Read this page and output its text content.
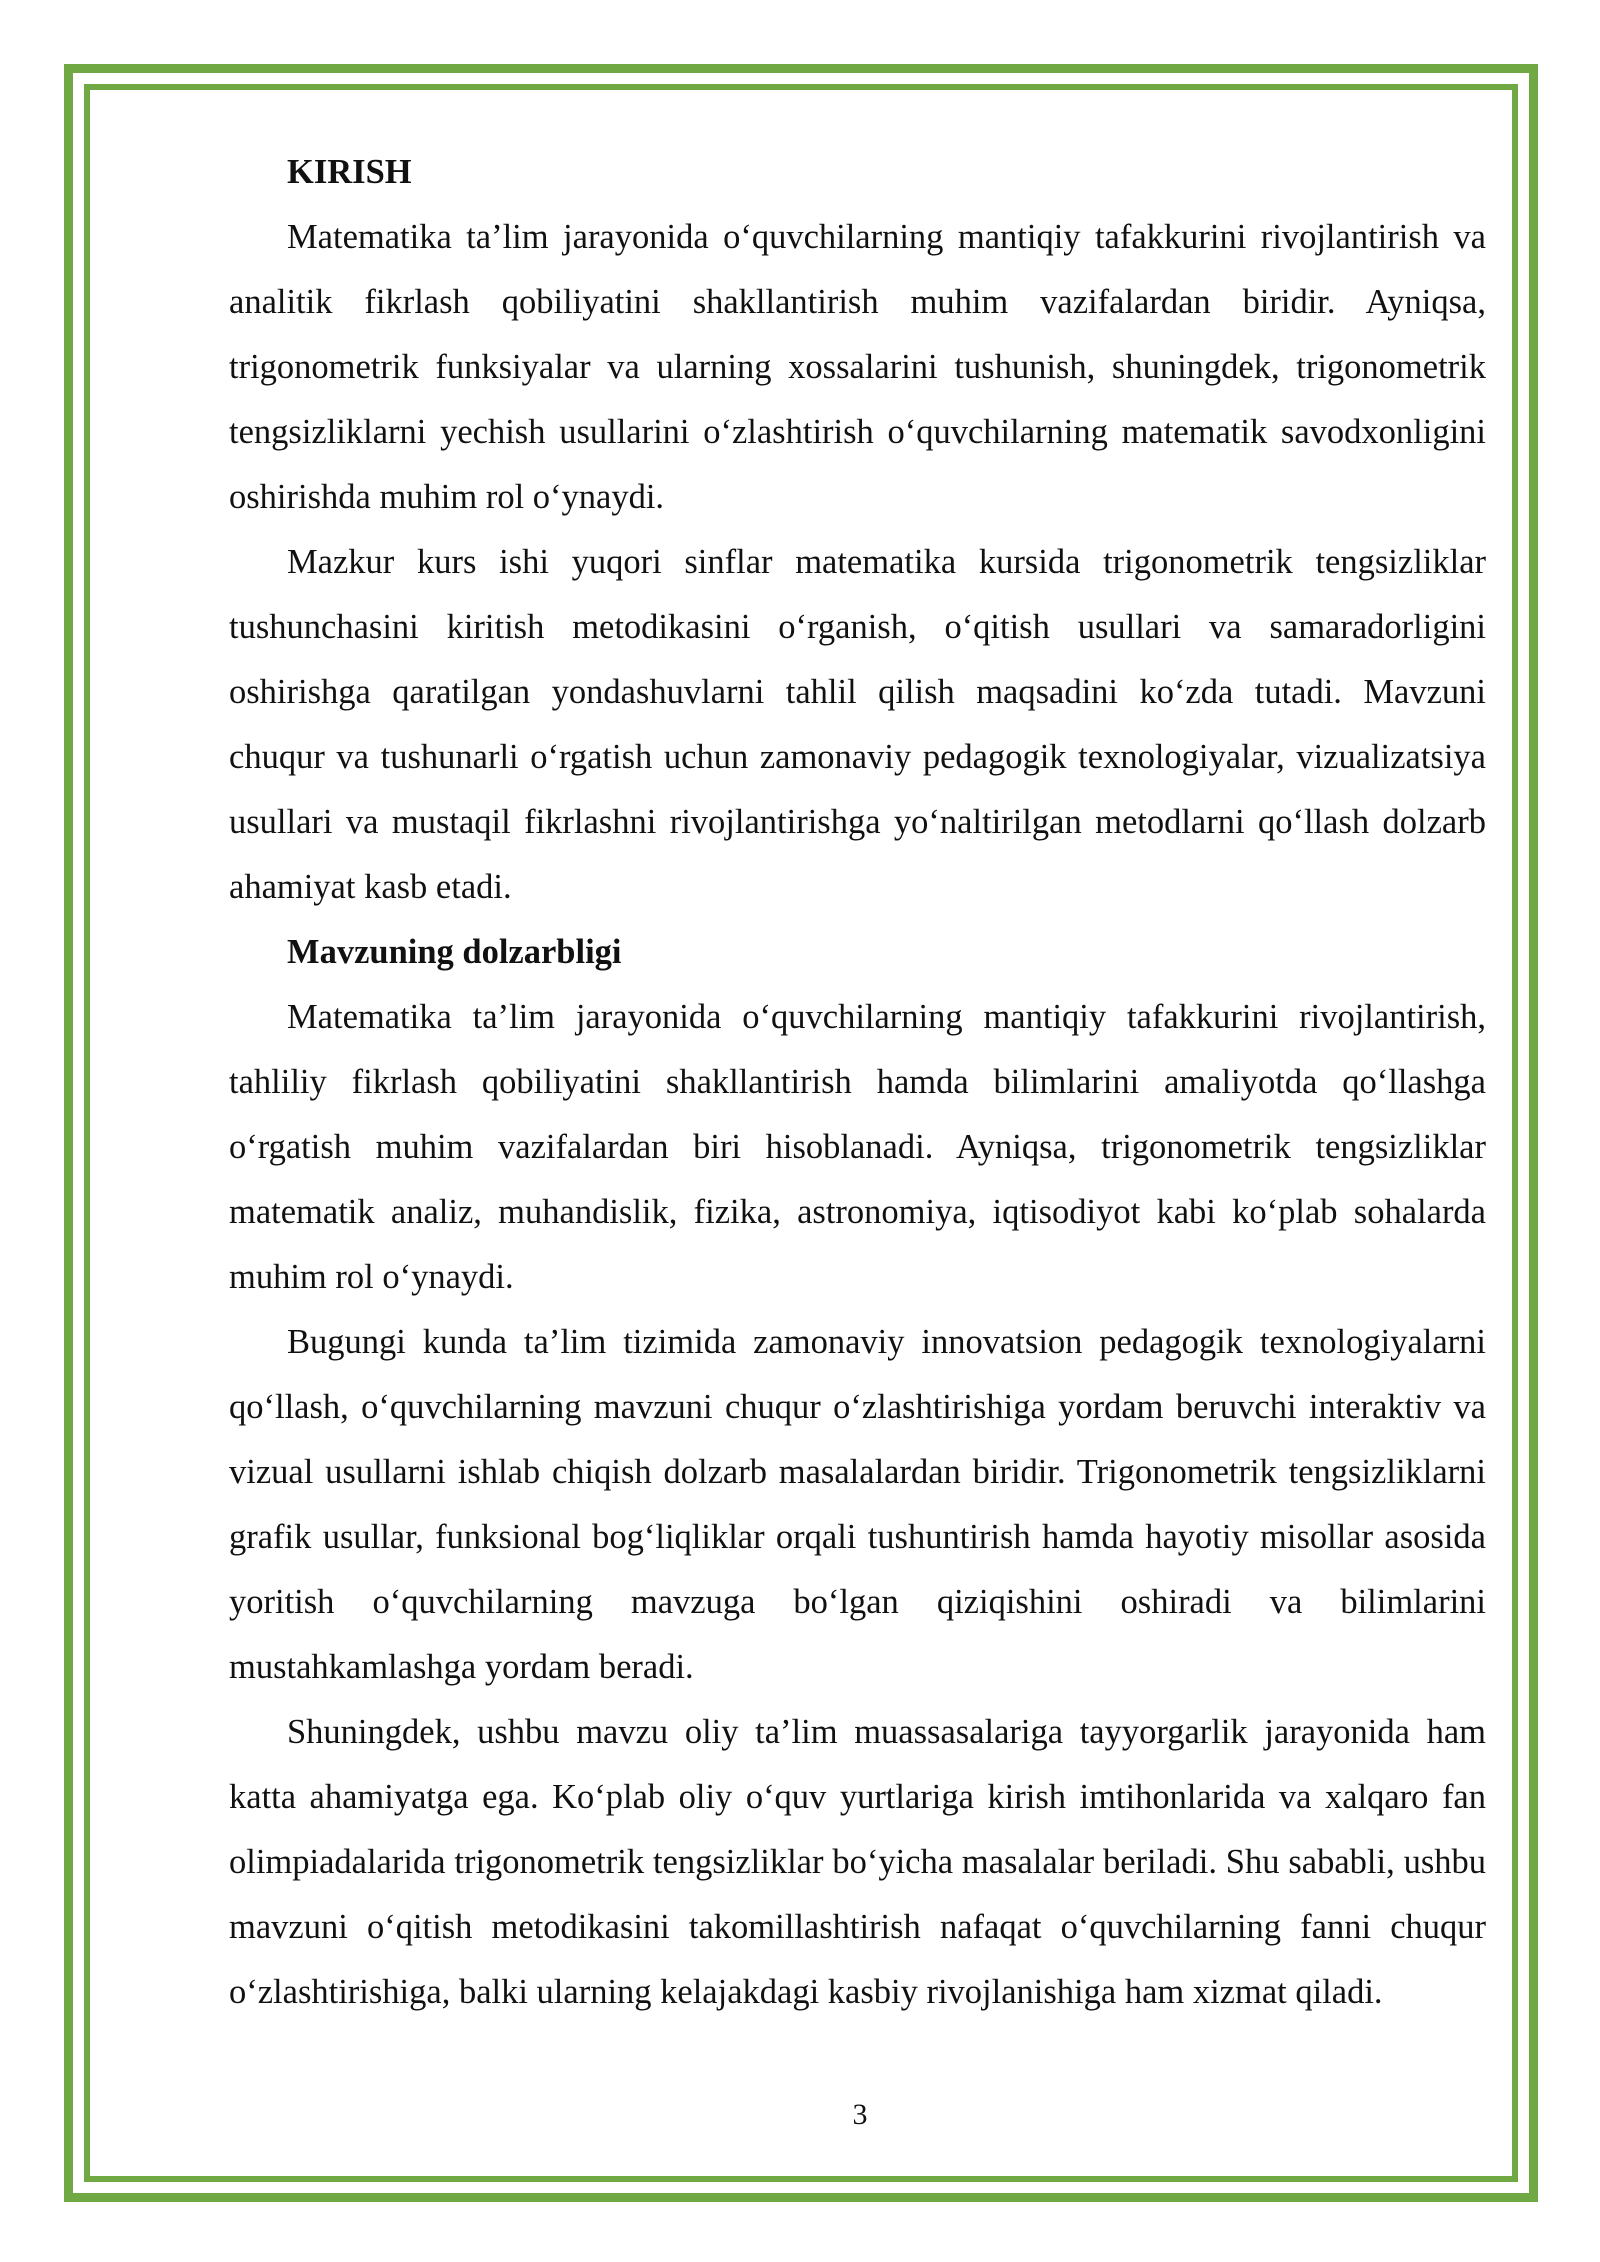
KIRISH

Matematika ta’lim jarayonida o‘quvchilarning mantiqiy tafakkurini rivojlantirish va analitik fikrlash qobiliyatini shakllantirish muhim vazifalardan biridir. Ayniqsa, trigonometrik funksiyalar va ularning xossalarini tushunish, shuningdek, trigonometrik tengsizliklarni yechish usullarini o‘zlashtirish o‘quvchilarning matematik savodxonligini oshirishda muhim rol o‘ynaydi.

Mazkur kurs ishi yuqori sinflar matematika kursida trigonometrik tengsizliklar tushunchasini kiritish metodikasini o‘rganish, o‘qitish usullari va samaradorligini oshirishga qaratilgan yondashuvlarni tahlil qilish maqsadini ko‘zda tutadi. Mavzuni chuqur va tushunarli o‘rgatish uchun zamonaviy pedagogik texnologiyalar, vizualizatsiya usullari va mustaqil fikrlashni rivojlantirishga yo‘naltirilgan metodlarni qo‘llash dolzarb ahamiyat kasb etadi.

Mavzuning dolzarbligi

Matematika ta’lim jarayonida o‘quvchilarning mantiqiy tafakkurini rivojlantirish, tahliliy fikrlash qobiliyatini shakllantirish hamda bilimlarini amaliyotda qo‘llashga o‘rgatish muhim vazifalardan biri hisoblanadi. Ayniqsa, trigonometrik tengsizliklar matematik analiz, muhandislik, fizika, astronomiya, iqtisodiyot kabi ko‘plab sohalarda muhim rol o‘ynaydi.

Bugungi kunda ta’lim tizimida zamonaviy innovatsion pedagogik texnologiyalarni qo‘llash, o‘quvchilarning mavzuni chuqur o‘zlashtirishiga yordam beruvchi interaktiv va vizual usullarni ishlab chiqish dolzarb masalalardan biridir. Trigonometrik tengsizliklarni grafik usullar, funksional bog‘liqliklar orqali tushuntirish hamda hayotiy misollar asosida yoritish o‘quvchilarning mavzuga bo‘lgan qiziqishini oshiradi va bilimlarini mustahkamlashga yordam beradi.

Shuningdek, ushbu mavzu oliy ta’lim muassasalariga tayyorgarlik jarayonida ham katta ahamiyatga ega. Ko‘plab oliy o‘quv yurtlariga kirish imtihonlarida va xalqaro fan olimpiadalarida trigonometrik tengsizliklar bo‘yicha masalalar beriladi. Shu sababli, ushbu mavzuni o‘qitish metodikasini takomillashtirish nafaqat o‘quvchilarning fanni chuqur o‘zlashtirishiga, balki ularning kelajakdagi kasbiy rivojlanishiga ham xizmat qiladi.

3
